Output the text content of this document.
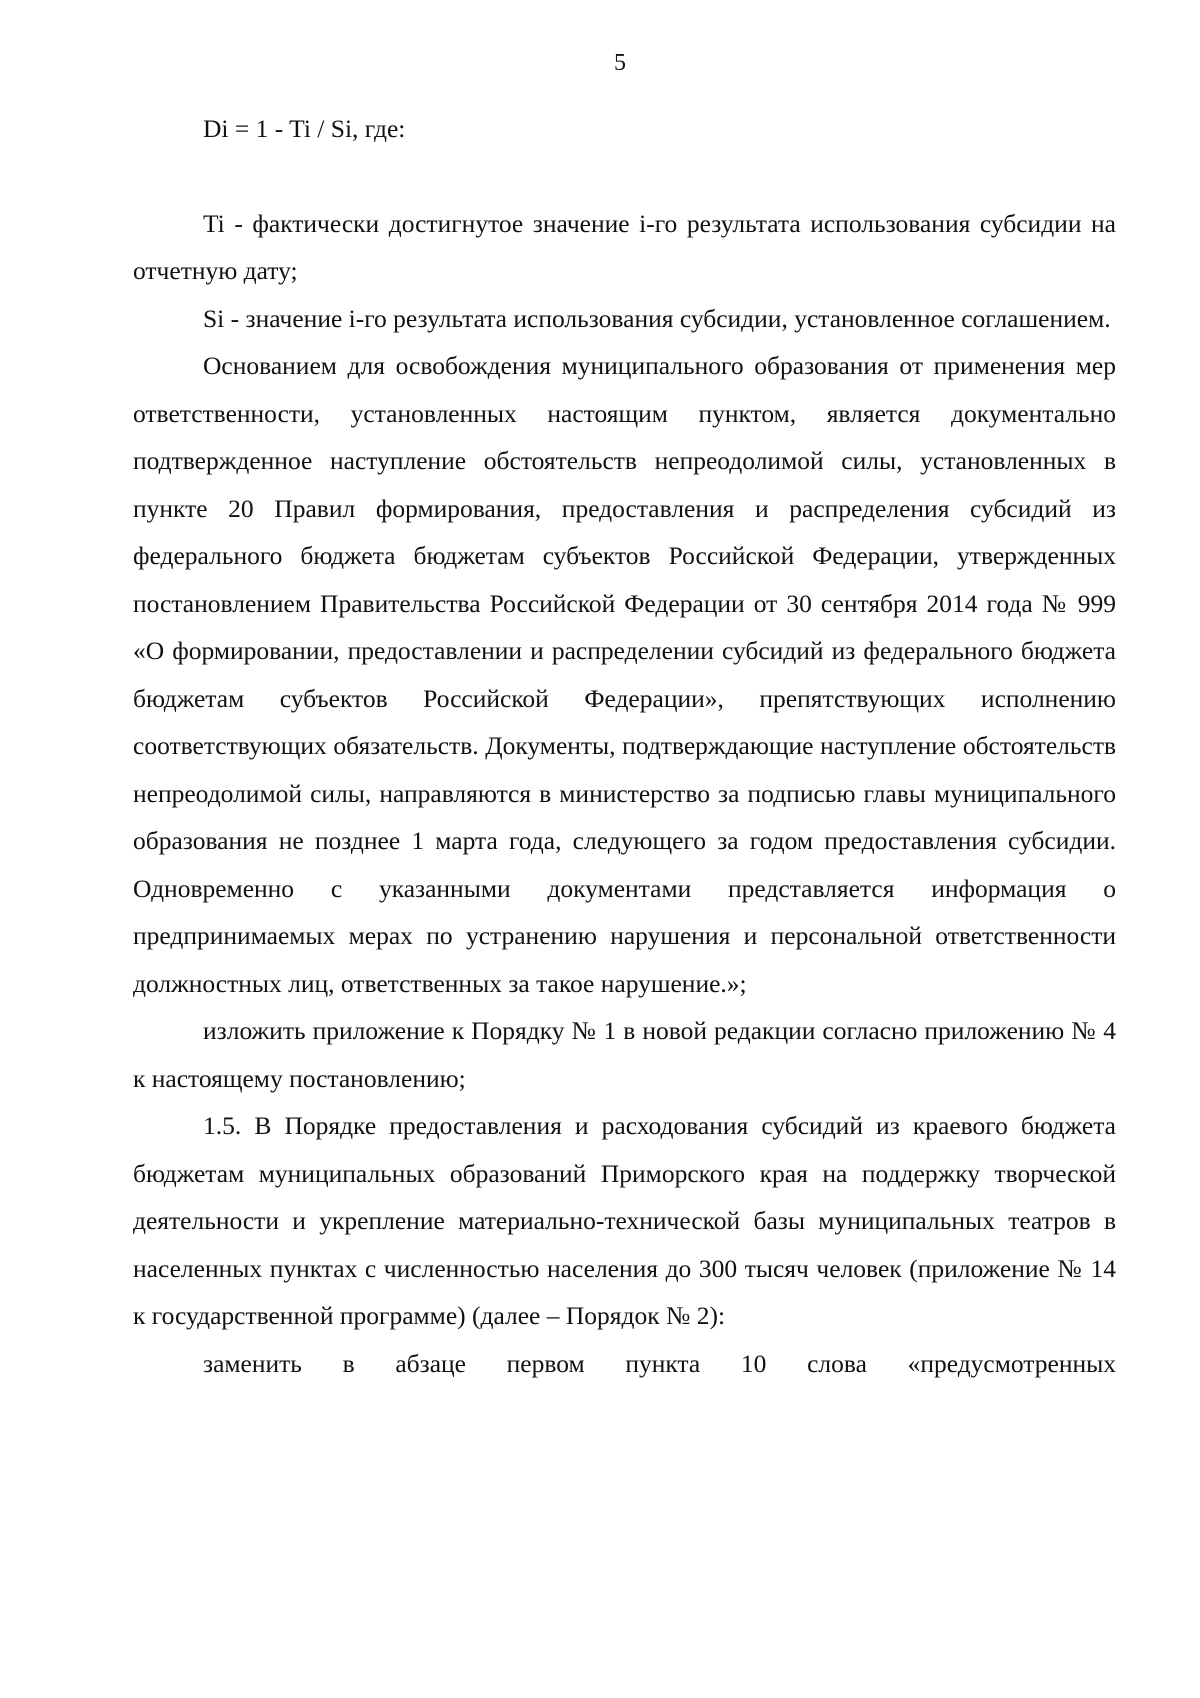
5

Di = 1 - Ti / Si, где:

Ti - фактически достигнутое значение i-го результата использования субсидии на отчетную дату;

Si - значение i-го результата использования субсидии, установленное соглашением.

Основанием для освобождения муниципального образования от применения мер ответственности, установленных настоящим пунктом, является документально подтвержденное наступление обстоятельств непреодолимой силы, установленных в пункте 20 Правил формирования, предоставления и распределения субсидий из федерального бюджета бюджетам субъектов Российской Федерации, утвержденных постановлением Правительства Российской Федерации от 30 сентября 2014 года № 999 «О формировании, предоставлении и распределении субсидий из федерального бюджета бюджетам субъектов Российской Федерации», препятствующих исполнению соответствующих обязательств. Документы, подтверждающие наступление обстоятельств непреодолимой силы, направляются в министерство за подписью главы муниципального образования не позднее 1 марта года, следующего за годом предоставления субсидии. Одновременно с указанными документами представляется информация о предпринимаемых мерах по устранению нарушения и персональной ответственности должностных лиц, ответственных за такое нарушение.»;

изложить приложение к Порядку № 1 в новой редакции согласно приложению № 4 к настоящему постановлению;

1.5. В Порядке предоставления и расходования субсидий из краевого бюджета бюджетам муниципальных образований Приморского края на поддержку творческой деятельности и укрепление материально-технической базы муниципальных театров в населенных пунктах с численностью населения до 300 тысяч человек (приложение № 14 к государственной программе) (далее – Порядок № 2):

заменить в абзаце первом пункта 10 слова «предусмотренных
